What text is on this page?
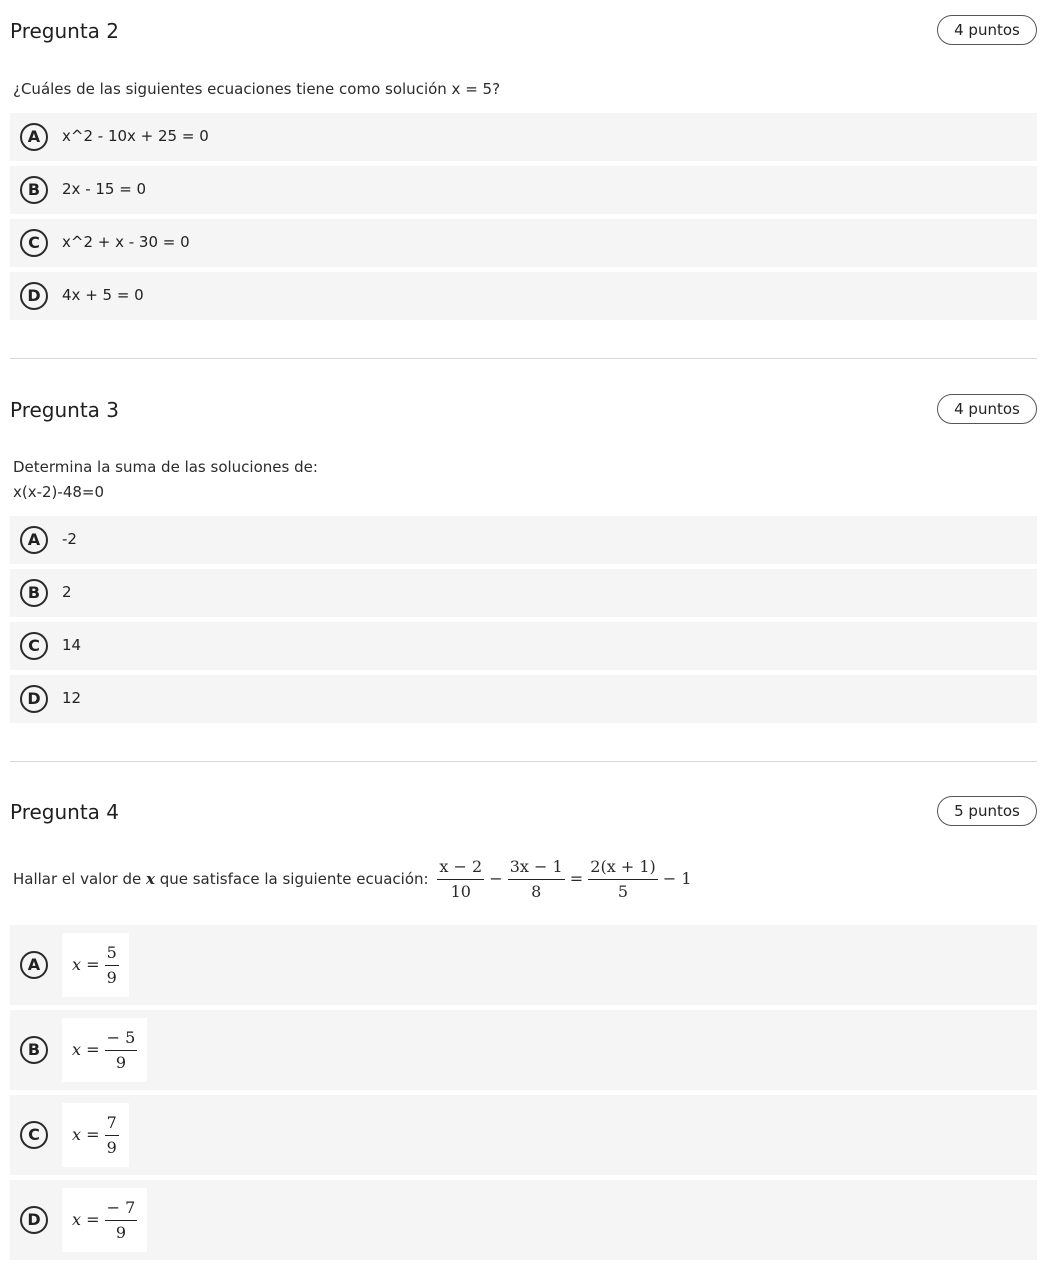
Pregunta 2	4 puntos
¿Cuáles de las siguientes ecuaciones tiene como solución x = 5?
A	x^2 - 10x + 25 = 0
B	2x - 15 = 0
C	x^2 + x - 30 = 0
D	4x + 5 = 0
Pregunta 3	4 puntos
Determina la suma de las soluciones de:
x(x-2)-48=0
A	-2
B	2
C	14
D	12
Pregunta 4	5 puntos
Hallar el valor de x que satisface la siguiente ecuación: $\frac{x - 2}{10} - \frac{3x - 1}{8} = \frac{2(x + 1)}{5} - 1$
A	$x = \frac{5}{9}$
B	$x = \frac{- 5}{9}$
C	$x = \frac{7}{9}$
D	$x = \frac{- 7}{9}$
